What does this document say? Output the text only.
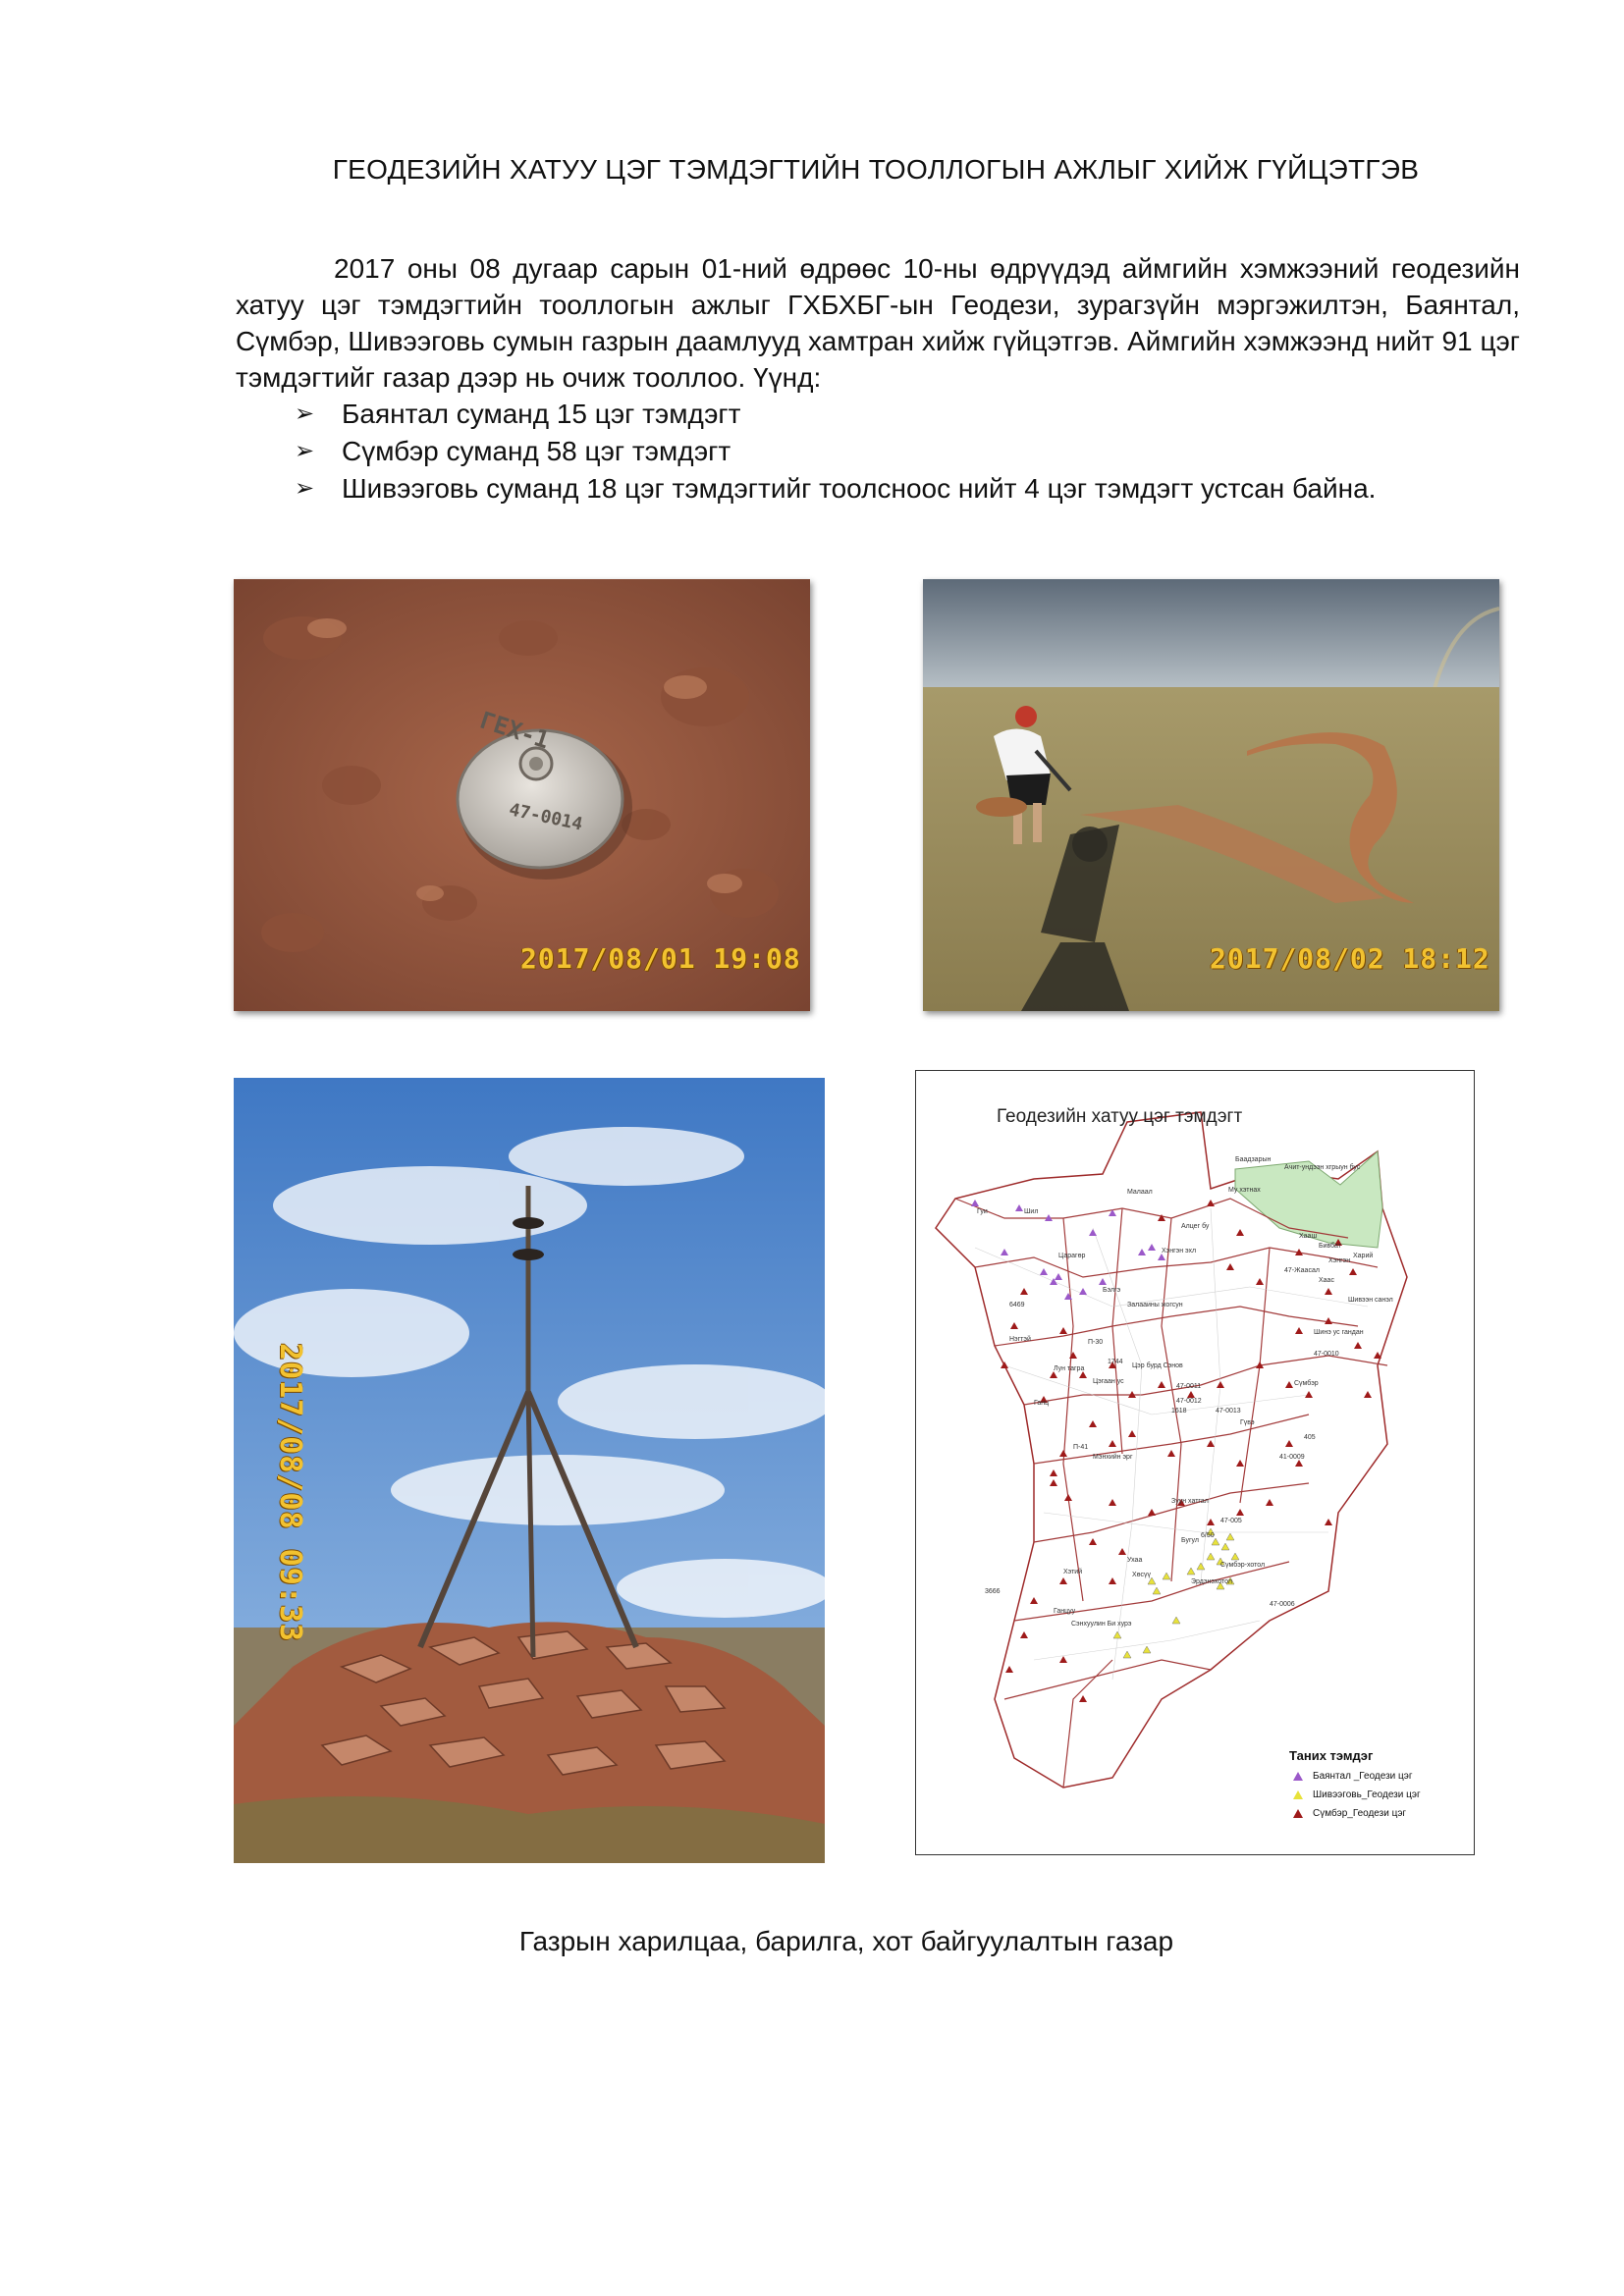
ГЕОДЕЗИЙН ХАТУУ ЦЭГ ТЭМДЭГТИЙН ТООЛЛОГЫН АЖЛЫГ ХИЙЖ ГҮЙЦЭТГЭВ

2017 оны 08 дугаар сарын 01-ний өдрөөс 10-ны өдрүүдэд аймгийн хэмжээний геодезийн хатуу цэг тэмдэгтийн тооллогын ажлыг ГХБХБГ-ын Геодези, зурагзүйн мэргэжилтэн, Баянтал, Сүмбэр, Шивээговь сумын газрын даамлууд хамтран хийж гүйцэтгэв. Аймгийн хэмжээнд нийт 91 цэг тэмдэгтийг газар дээр нь очиж тооллоо. Үүнд:

➢ Баянтал суманд 15 цэг тэмдэгт
➢ Сүмбэр суманд 58 цэг тэмдэгт
➢ Шивээговь суманд 18 цэг тэмдэгтийг тоолсноос нийт 4 цэг тэмдэгт устсан байна.
ГЕХ-1
47-0014
2017/08/01 19:08	2017/08/02 18:12
2017/08/08 09:33
Баадзарын
Ачит-ундээн хгрыун бус
Малаал	Му хэтнах
Гуи	Шил
Алцег бу
Хааш
Бивбат
Хэнгэн
Хaрий
Хаас
Царагөр
Хэнгэн эхл
47-Жаасал
Шивээн санэл
Бэлгэ
Залааины жогсун
6469
Шинэ ус гандан
Нэгтэй	П-30
1744
Цэр бурд Сэнов
47-0010
Лун тагра
Цэгаан ус
47-0011	Сүмбэр
47-0012
47-0013
Ганц
1618
Гүвэ
405
П-41
Мэнхийн эрг	41-0009
Зуун хатгал
6/50
Бугул
47-005
Ухаа
Сүмбэр-хотол
Хэтий	Хөсүү
Эрдэнэхотол
Ганцуу
Сэнхуулин Би хурэ
47-0006
3666
Геодезийн хатуу цэг тэмдэгт
Таних тэмдэг
Баянтал _Геодези цэг
Шивээговь_Геодези цэг
Сүмбэр_Геодези цэг
Газрын харилцаа, барилга, хот байгуулалтын газар
